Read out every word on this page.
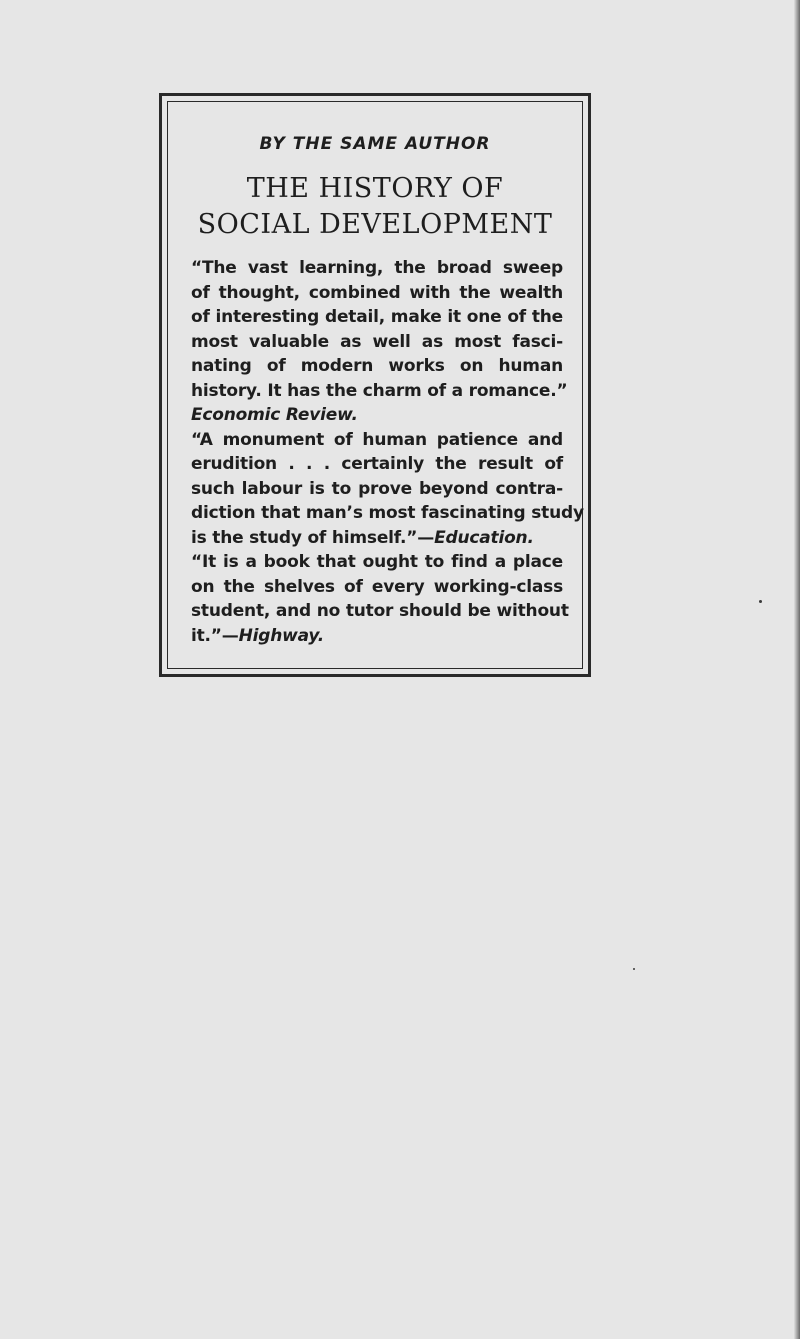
BY THE SAME AUTHOR
THE HISTORY OF
SOCIAL DEVELOPMENT
“The vast learning, the broad sweep
of thought, combined with the wealth
of interesting detail, make it one of the
most valuable as well as most fasci-
nating of modern works on human
history. It has the charm of a romance.”
Economic Review.
“A monument of human patience and
erudition . . . certainly the result of
such labour is to prove beyond contra-
diction that man’s most fascinating study
is the study of himself.”—Education.
“It is a book that ought to find a place
on the shelves of every working-class
student, and no tutor should be without
it.”—Highway.
